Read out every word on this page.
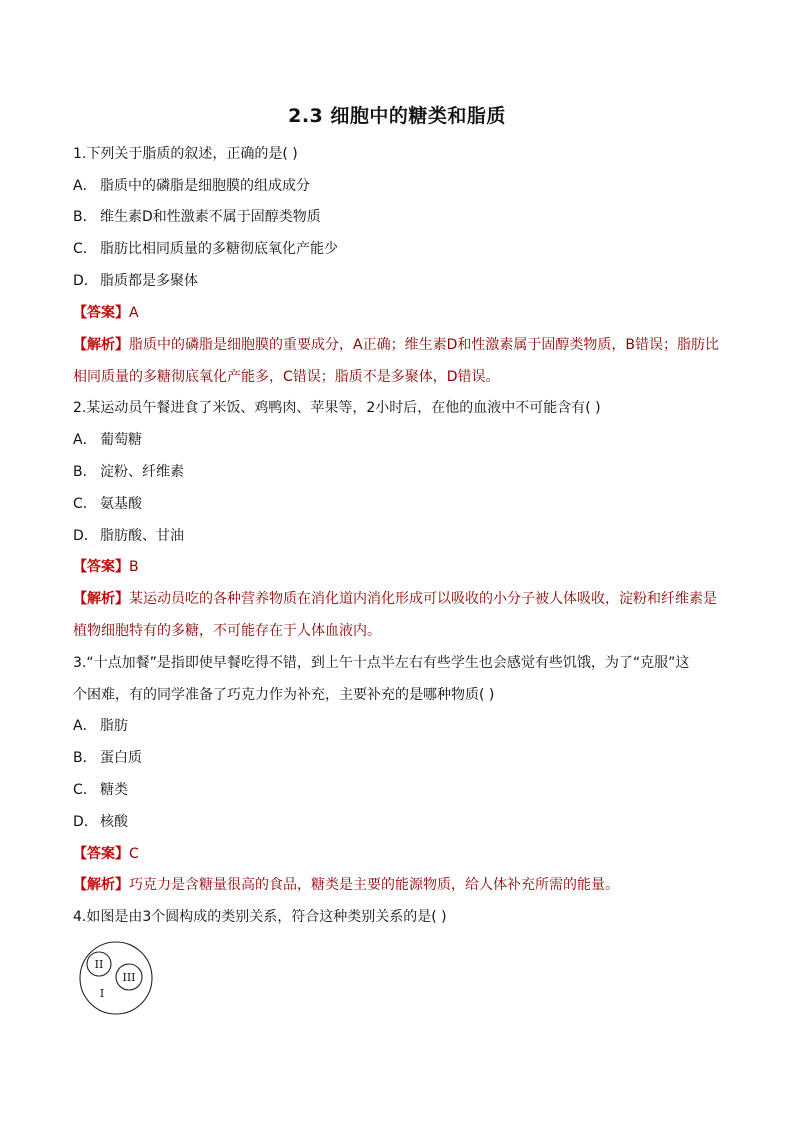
2.3 细胞中的糖类和脂质
1.下列关于脂质的叙述，正确的是( )
A． 脂质中的磷脂是细胞膜的组成成分
B． 维生素D和性激素不属于固醇类物质
C． 脂肪比相同质量的多糖彻底氧化产能少
D． 脂质都是多聚体
【答案】A
【解析】脂质中的磷脂是细胞膜的重要成分，A正确；维生素D和性激素属于固醇类物质，B错误；脂肪比
相同质量的多糖彻底氧化产能多，C错误；脂质不是多聚体，D错误。
2.某运动员午餐进食了米饭、鸡鸭肉、苹果等，2小时后，在他的血液中不可能含有( )
A． 葡萄糖
B． 淀粉、纤维素
C． 氨基酸
D． 脂肪酸、甘油
【答案】B
【解析】某运动员吃的各种营养物质在消化道内消化形成可以吸收的小分子被人体吸收，淀粉和纤维素是
植物细胞特有的多糖，不可能存在于人体血液内。
3.“十点加餐”是指即使早餐吃得不错，到上午十点半左右有些学生也会感觉有些饥饿，为了“克服”这
个困难，有的同学准备了巧克力作为补充，主要补充的是哪种物质( )
A． 脂肪
B． 蛋白质
C． 糖类
D． 核酸
【答案】C
【解析】巧克力是含糖量很高的食品，糖类是主要的能源物质，给人体补充所需的能量。
4.如图是由3个圆构成的类别关系，符合这种类别关系的是( )
II
III
I
